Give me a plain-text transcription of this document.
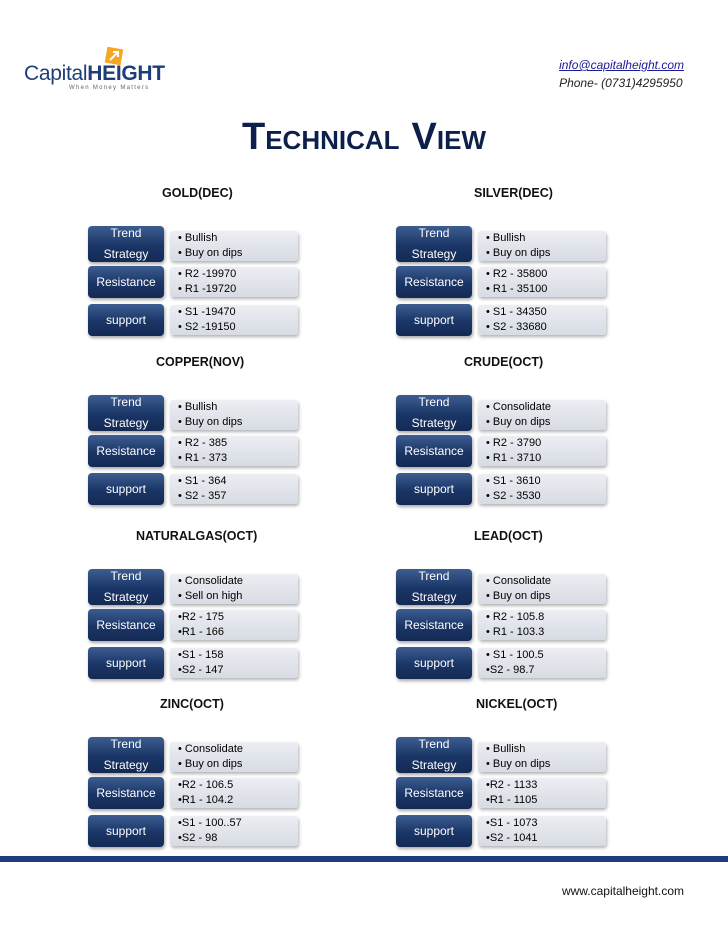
CapitalHEIGHT
When Money Matters
info@capitalheight.com
Phone- (0731)4295950
TECHNICAL VIEW
GOLD(DEC)
Trend
Strategy
• Bullish
• Buy on dips
Resistance
• R2 -19970
• R1 -19720
support
• S1 -19470
• S2 -19150
SILVER(DEC)
Trend
Strategy
• Bullish
• Buy on dips
Resistance
• R2 - 35800
• R1 - 35100
support
• S1 - 34350
• S2 - 33680
COPPER(NOV)
Trend
Strategy
• Bullish
• Buy on dips
Resistance
• R2 - 385
• R1 - 373
support
• S1 - 364
• S2 - 357
CRUDE(OCT)
Trend
Strategy
• Consolidate
• Buy on dips
Resistance
• R2 - 3790
• R1 - 3710
support
• S1 - 3610
• S2 - 3530
NATURALGAS(OCT)
Trend
Strategy
• Consolidate
• Sell on high
Resistance
•R2 - 175
•R1 - 166
support
•S1 - 158
•S2 - 147
LEAD(OCT)
Trend
Strategy
• Consolidate
• Buy on dips
Resistance
• R2 - 105.8
• R1 - 103.3
support
• S1 - 100.5
•S2 - 98.7
ZINC(OCT)
Trend
Strategy
• Consolidate
• Buy on dips
Resistance
•R2 - 106.5
•R1 - 104.2
support
•S1 - 100..57
•S2 - 98
NICKEL(OCT)
Trend
Strategy
• Bullish
• Buy on dips
Resistance
•R2 - 1133
•R1 - 1105
support
•S1 - 1073
•S2 - 1041
www.capitalheight.com
